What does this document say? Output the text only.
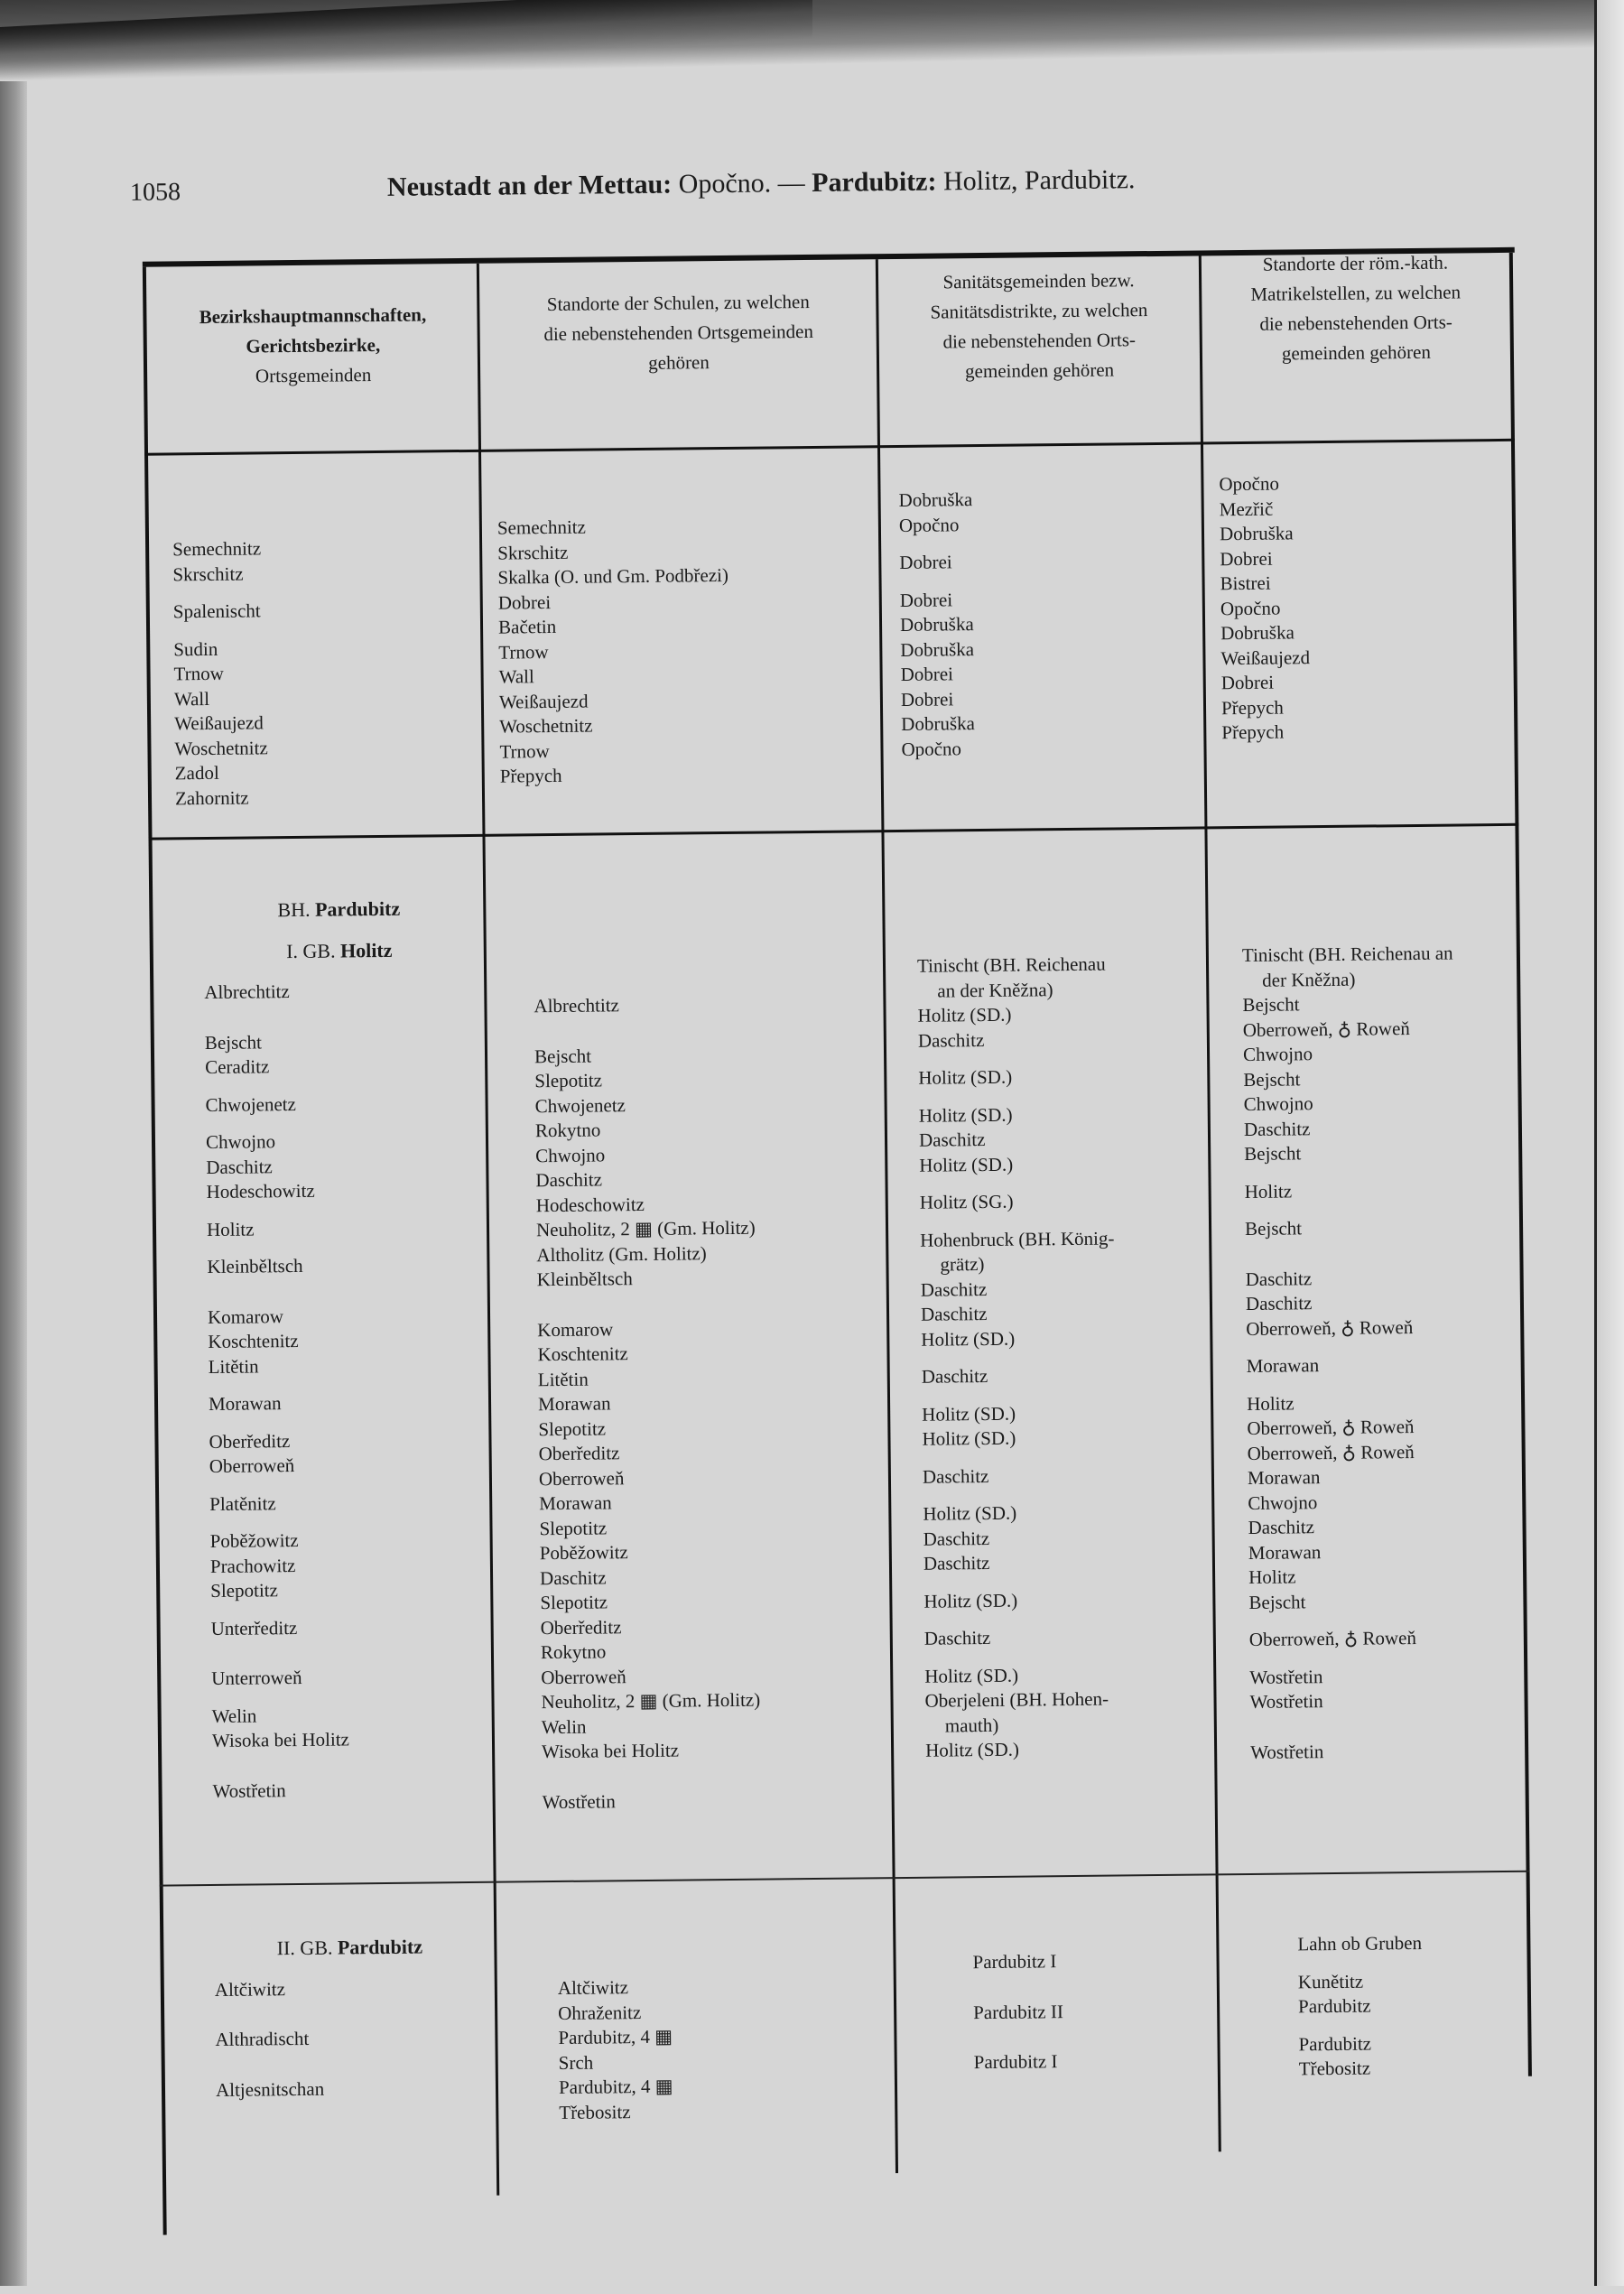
1058	Neustadt an der Mettau: Opočno. — Pardubitz: Holitz, Pardubitz.
Bezirkshauptmannschaften,
Gerichtsbezirke,
Ortsgemeinden
Standorte der Schulen, zu welchen
die nebenstehenden Ortsgemeinden
gehören
Sanitätsgemeinden bezw.
Sanitätsdistrikte, zu welchen
die nebenstehenden Orts-
gemeinden gehören
Standorte der röm.-kath.
Matrikelstellen, zu welchen
die nebenstehenden Orts-
gemeinden gehören
Semechnitz
Skrschitz
Spalenischt
Sudin
Trnow
Wall
Weißaujezd
Woschetnitz
Zadol
Zahornitz
Semechnitz
Skrschitz
Skalka (O. und Gm. Podbřezi)
Dobrei
Bačetin
Trnow
Wall
Weißaujezd
Woschetnitz
Trnow
Přepych
Dobruška
Opočno
Dobrei
Dobrei
Dobruška
Dobruška
Dobrei
Dobrei
Dobruška
Opočno
Opočno
Mezřič
Dobruška
Dobrei
Bistrei
Opočno
Dobruška
Weißaujezd
Dobrei
Přepych
Přepych
BH. Pardubitz
I. GB. Holitz
Albrechtitz
Bejscht
Ceraditz
Chwojenetz
Chwojno
Daschitz
Hodeschowitz
Holitz
Kleinběltsch
Komarow
Koschtenitz
Litětin
Morawan
Oberředitz
Oberroweň
Platěnitz
Poběžowitz
Prachowitz
Slepotitz
Unterředitz
Unterroweň
Welin
Wisoka bei Holitz
Wostřetin
Albrechtitz
Bejscht
Slepotitz
Chwojenetz
Rokytno
Chwojno
Daschitz
Hodeschowitz
Neuholitz, 2 ▦ (Gm. Holitz)
Altholitz (Gm. Holitz)
Kleinběltsch
Komarow
Koschtenitz
Litětin
Morawan
Slepotitz
Oberředitz
Oberroweň
Morawan
Slepotitz
Poběžowitz
Daschitz
Slepotitz
Oberředitz
Rokytno
Oberroweň
Neuholitz, 2 ▦ (Gm. Holitz)
Welin
Wisoka bei Holitz
Wostřetin
Tinischt (BH. Reichenau
an der Kněžna)
Holitz (SD.)
Daschitz
Holitz (SD.)
Holitz (SD.)
Daschitz
Holitz (SD.)
Holitz (SG.)
Hohenbruck (BH. König-
grätz)
Daschitz
Daschitz
Holitz (SD.)
Daschitz
Holitz (SD.)
Holitz (SD.)
Daschitz
Holitz (SD.)
Daschitz
Daschitz
Holitz (SD.)
Daschitz
Holitz (SD.)
Oberjeleni (BH. Hohen-
mauth)
Holitz (SD.)
Tinischt (BH. Reichenau an
der Kněžna)
Bejscht
Oberroweň, ♁ Roweň
Chwojno
Bejscht
Chwojno
Daschitz
Bejscht
Holitz
Bejscht
Daschitz
Daschitz
Oberroweň, ♁ Roweň
Morawan
Holitz
Oberroweň, ♁ Roweň
Oberroweň, ♁ Roweň
Morawan
Chwojno
Daschitz
Morawan
Holitz
Bejscht
Oberroweň, ♁ Roweň
Wostřetin
Wostřetin
Wostřetin
II. GB. Pardubitz
Altčiwitz
Althradischt
Altjesnitschan
Altčiwitz
Ohraženitz
Pardubitz, 4 ▦
Srch
Pardubitz, 4 ▦
Třebositz
Pardubitz I
Pardubitz II
Pardubitz I
Lahn ob Gruben
Kunětitz
Pardubitz
Pardubitz
Třebositz
